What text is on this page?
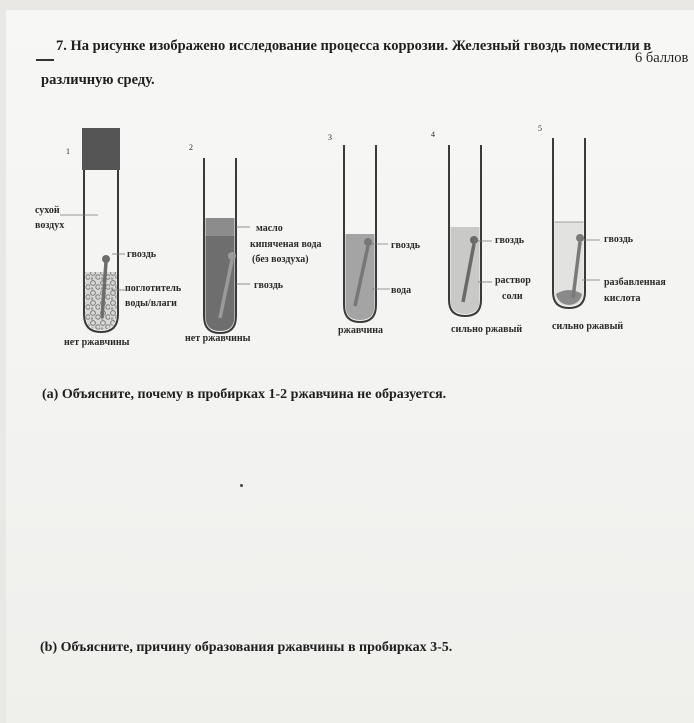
7. На рисунке изображено исследование процесса коррозии. Железный гвоздь поместили в
различную среду.
6 баллов
1
сухой
воздух
гвоздь
поглотитель
воды/влаги
нет ржавчины
2
масло
кипяченая вода
(без воздуха)
гвоздь
нет ржавчины
3
гвоздь
вода
ржавчина
4
гвоздь
раствор
соли
сильно ржавый
5
гвоздь
разбавленная
кислота
сильно ржавый
(a) Объясните, почему в пробирках 1-2 ржавчина не образуется.
(b) Объясните, причину образования ржавчины в пробирках 3-5.
